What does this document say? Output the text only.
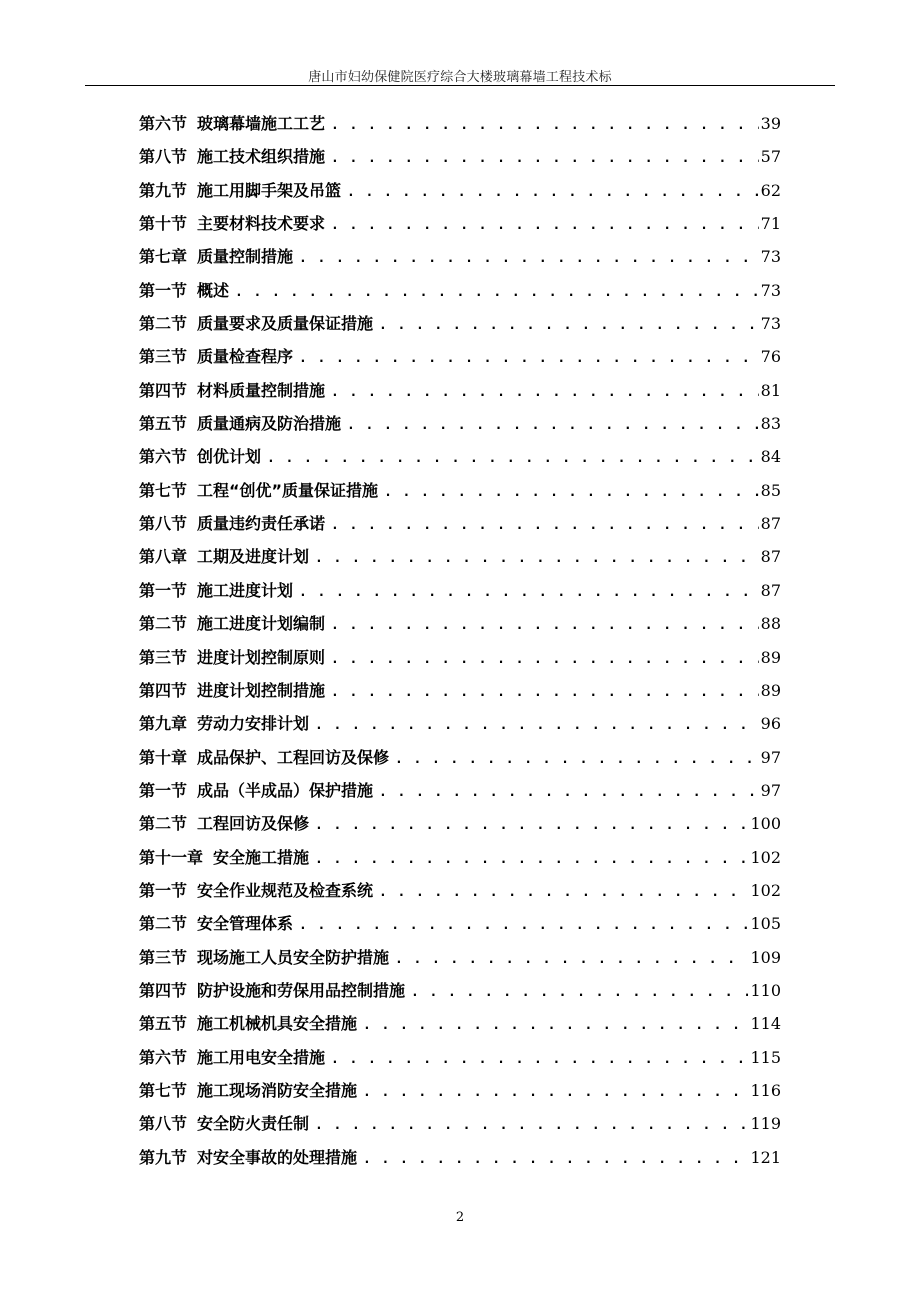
唐山市妇幼保健院医疗综合大楼玻璃幕墙工程技术标
第六节 玻璃幕墙施工工艺 . . .	39
第八节 施工技术组织措施 . . .	57
第九节 施工用脚手架及吊篮 . . .	62
第十节 主要材料技术要求 . . .	71
第七章 质量控制措施 . . .	73
第一节 概述 . . .	73
第二节 质量要求及质量保证措施 . . .	73
第三节 质量检查程序 . . .	76
第四节 材料质量控制措施 . . .	81
第五节 质量通病及防治措施 . . .	83
第六节 创优计划 . . .	84
第七节 工程“创优”质量保证措施 . . .	85
第八节 质量违约责任承诺 . . .	87
第八章 工期及进度计划 . . .	87
第一节 施工进度计划 . . .	87
第二节 施工进度计划编制 . . .	88
第三节 进度计划控制原则 . . .	89
第四节 进度计划控制措施 . . .	89
第九章 劳动力安排计划 . . .	96
第十章 成品保护、工程回访及保修 . . .	97
第一节 成品（半成品）保护措施 . . .	97
第二节 工程回访及保修 . . .	100
第十一章 安全施工措施 . . .	102
第一节 安全作业规范及检查系统 . . .	102
第二节 安全管理体系 . . .	105
第三节 现场施工人员安全防护措施 . . .	109
第四节 防护设施和劳保用品控制措施 . . .	110
第五节 施工机械机具安全措施 . . .	114
第六节 施工用电安全措施 . . .	115
第七节 施工现场消防安全措施 . . .	116
第八节 安全防火责任制 . . .	119
第九节 对安全事故的处理措施 . . .	121
2
